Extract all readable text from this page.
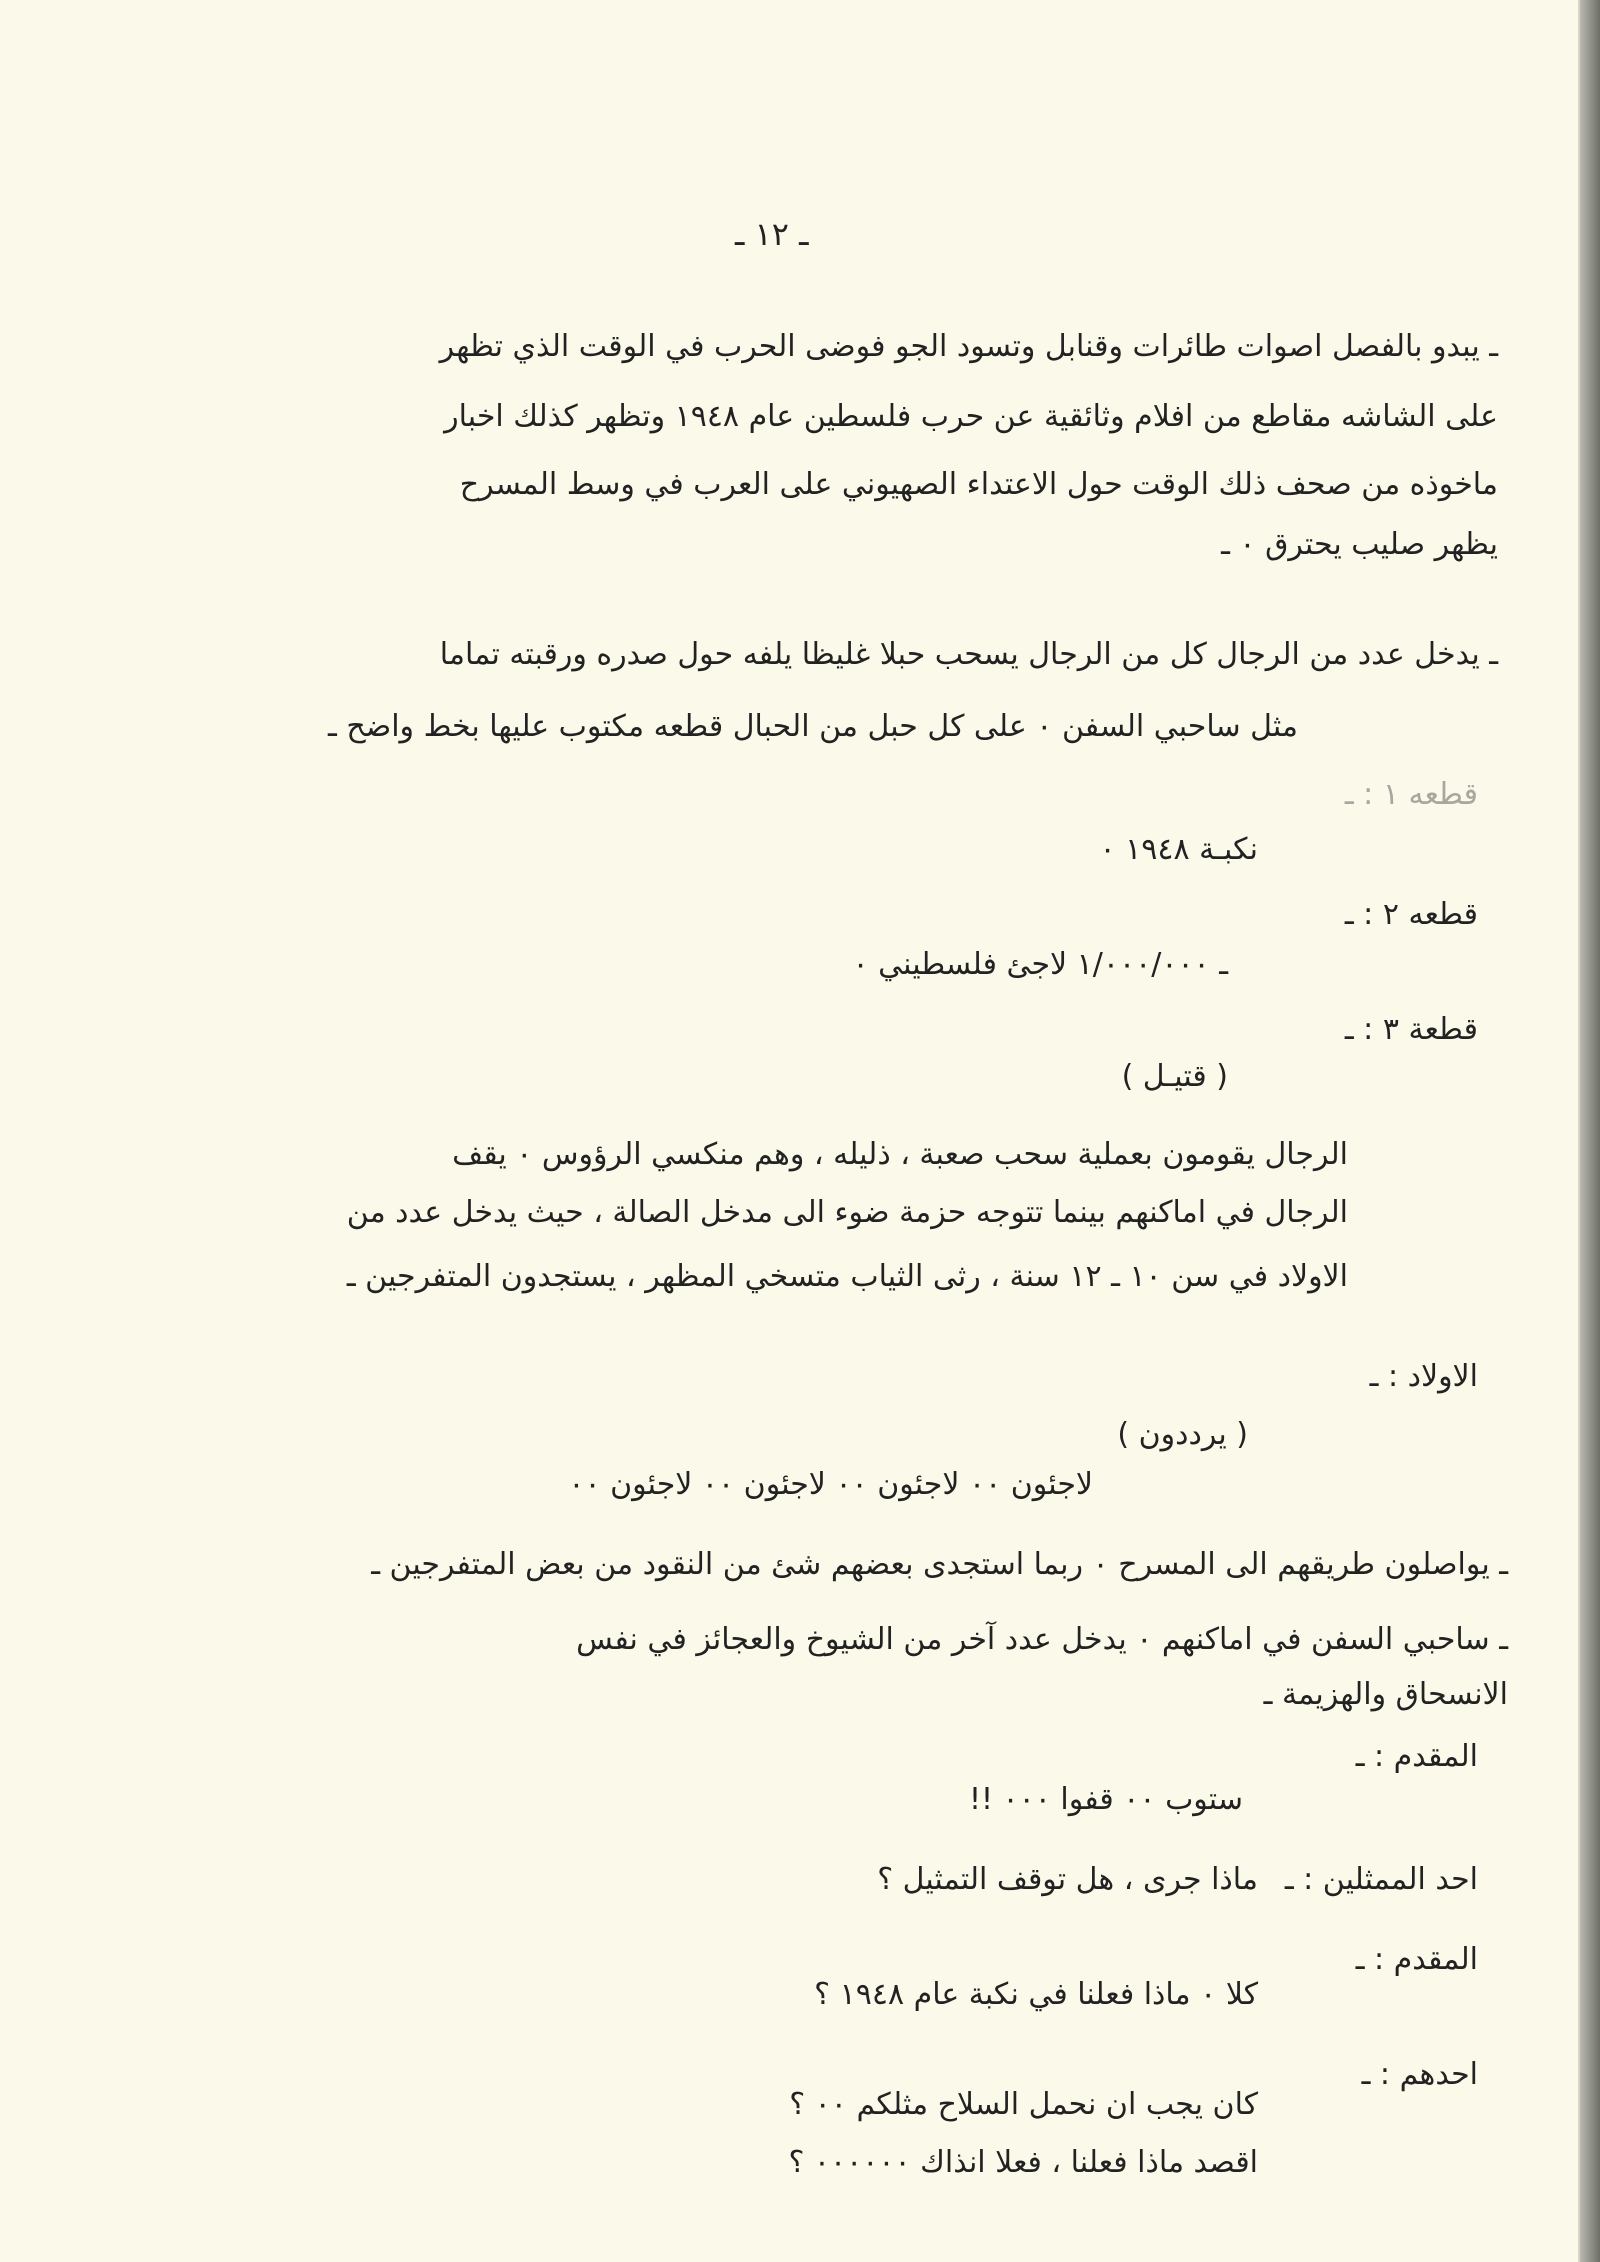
ـ ١٢ ـ
ـ يبدو بالفصل اصوات طائرات وقنابل وتسود الجو فوضى الحرب في الوقت الذي تظهر
على الشاشه مقاطع من افلام وثائقية عن حرب فلسطين عام ١٩٤٨ وتظهر كذلك اخبار
ماخوذه من صحف ذلك الوقت حول الاعتداء الصهيوني على العرب في وسط المسرح
يظهر صليب يحترق ٠ ـ
ـ يدخل عدد من الرجال كل من الرجال يسحب حبلا غليظا يلفه حول صدره ورقبته تماما
مثل ساحبي السفن ٠ على كل حبل من الحبال قطعه مكتوب عليها بخط واضح ـ
قطعه ١ : ـ
نكبـة ١٩٤٨ ٠
قطعه ٢ : ـ
ـ ١/٠٠٠/٠٠٠ لاجئ فلسطيني ٠
قطعة ٣ : ـ
( قتيـل )
الرجال يقومون بعملية سحب صعبة ، ذليله ، وهم منكسي الرؤوس ٠ يقف
الرجال في اماكنهم بينما تتوجه حزمة ضوء الى مدخل الصالة ، حيث يدخل عدد من
الاولاد في سن ١٠ ـ ١٢ سنة ، رثى الثياب متسخي المظهر ، يستجدون المتفرجين ـ
الاولاد : ـ
( يرددون )
لاجئون ٠٠ لاجئون ٠٠ لاجئون ٠٠ لاجئون ٠٠
ـ يواصلون طريقهم الى المسرح ٠ ربما استجدى بعضهم شئ من النقود من بعض المتفرجين ـ
ـ ساحبي السفن في اماكنهم ٠ يدخل عدد آخر من الشيوخ والعجائز في نفس
الانسحاق والهزيمة ـ
المقدم : ـ
ستوب ٠٠ قفوا ٠٠٠ !!
احد الممثلين : ـ
ماذا جرى ، هل توقف التمثيل ؟
المقدم : ـ
كلا ٠ ماذا فعلنا في نكبة عام ١٩٤٨ ؟
احدهم : ـ
كان يجب ان نحمل السلاح مثلكم ٠٠ ؟
اقصد ماذا فعلنا ، فعلا انذاك ٠٠٠٠٠٠ ؟
